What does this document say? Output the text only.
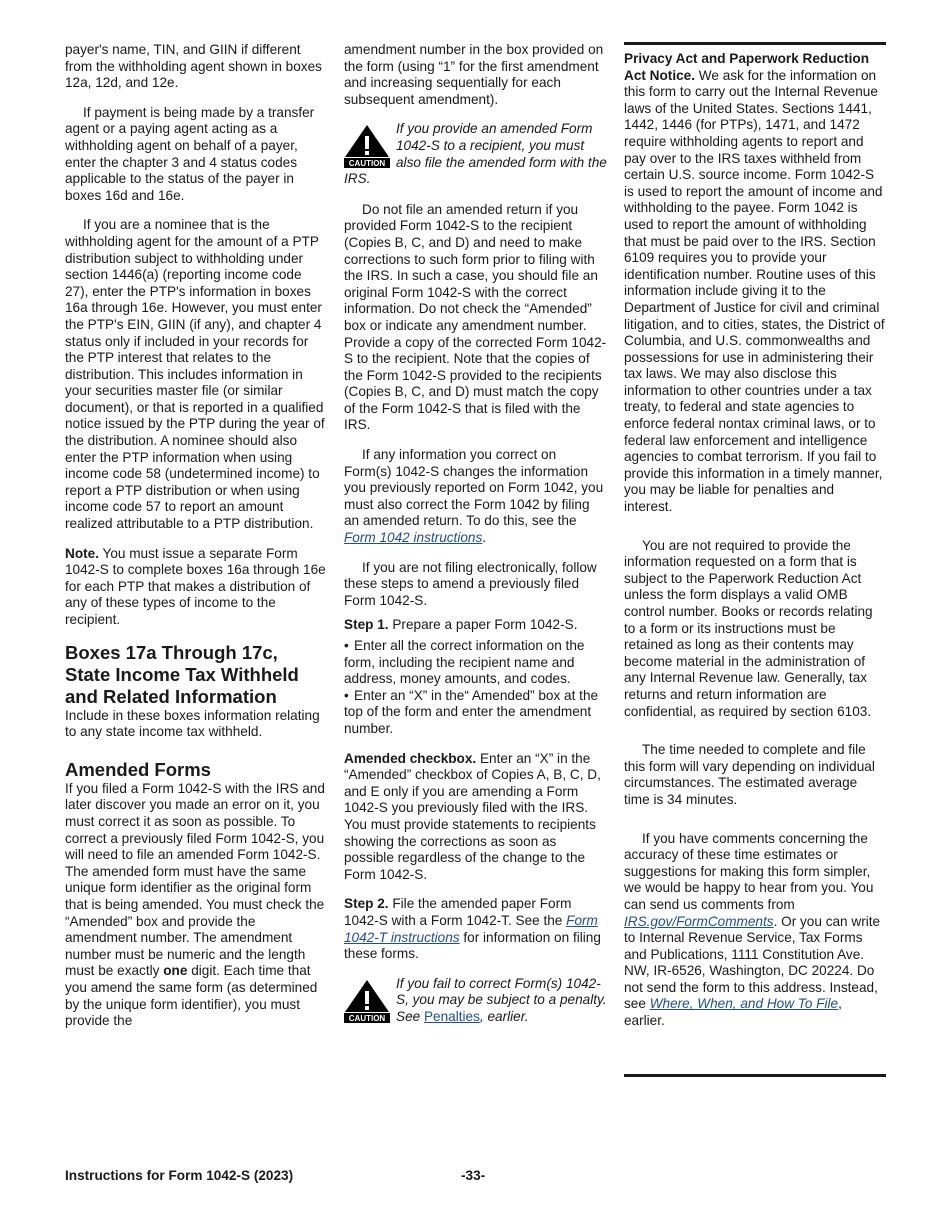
payer's name, TIN, and GIIN if different from the withholding agent shown in boxes 12a, 12d, and 12e.

If payment is being made by a transfer agent or a paying agent acting as a withholding agent on behalf of a payer, enter the chapter 3 and 4 status codes applicable to the status of the payer in boxes 16d and 16e.

If you are a nominee that is the withholding agent for the amount of a PTP distribution subject to withholding under section 1446(a) (reporting income code 27), enter the PTP's information in boxes 16a through 16e. However, you must enter the PTP's EIN, GIIN (if any), and chapter 4 status only if included in your records for the PTP interest that relates to the distribution. This includes information in your securities master file (or similar document), or that is reported in a qualified notice issued by the PTP during the year of the distribution. A nominee should also enter the PTP information when using income code 58 (undetermined income) to report a PTP distribution or when using income code 57 to report an amount realized attributable to a PTP distribution.

Note. You must issue a separate Form 1042-S to complete boxes 16a through 16e for each PTP that makes a distribution of any of these types of income to the recipient.

Boxes 17a Through 17c, State Income Tax Withheld and Related Information

Include in these boxes information relating to any state income tax withheld.

Amended Forms

If you filed a Form 1042-S with the IRS and later discover you made an error on it, you must correct it as soon as possible. To correct a previously filed Form 1042-S, you will need to file an amended Form 1042-S. The amended form must have the same unique form identifier as the original form that is being amended. You must check the “Amended” box and provide the amendment number. The amendment number must be numeric and the length must be exactly one digit. Each time that you amend the same form (as determined by the unique form identifier), you must provide the

amendment number in the box provided on the form (using “1” for the first amendment and increasing sequentially for each subsequent amendment).

CAUTION
If you provide an amended Form 1042-S to a recipient, you must also file the amended form with the IRS.

Do not file an amended return if you provided Form 1042-S to the recipient (Copies B, C, and D) and need to make corrections to such form prior to filing with the IRS. In such a case, you should file an original Form 1042-S with the correct information. Do not check the “Amended” box or indicate any amendment number. Provide a copy of the corrected Form 1042-S to the recipient. Note that the copies of the Form 1042-S provided to the recipients (Copies B, C, and D) must match the copy of the Form 1042-S that is filed with the IRS.

If any information you correct on Form(s) 1042-S changes the information you previously reported on Form 1042, you must also correct the Form 1042 by filing an amended return. To do this, see the Form 1042 instructions.

If you are not filing electronically, follow these steps to amend a previously filed Form 1042-S.

Step 1. Prepare a paper Form 1042-S.

• Enter all the correct information on the form, including the recipient name and address, money amounts, and codes.

• Enter an “X” in the“ Amended” box at the top of the form and enter the amendment number.

Amended checkbox. Enter an “X” in the “Amended” checkbox of Copies A, B, C, D, and E only if you are amending a Form 1042-S you previously filed with the IRS. You must provide statements to recipients showing the corrections as soon as possible regardless of the change to the Form 1042-S.

Step 2. File the amended paper Form 1042-S with a Form 1042-T. See the Form 1042-T instructions for information on filing these forms.

CAUTION
If you fail to correct Form(s) 1042-S, you may be subject to a penalty. See Penalties, earlier.

Privacy Act and Paperwork Reduction Act Notice. We ask for the information on this form to carry out the Internal Revenue laws of the United States. Sections 1441, 1442, 1446 (for PTPs), 1471, and 1472 require withholding agents to report and pay over to the IRS taxes withheld from certain U.S. source income. Form 1042-S is used to report the amount of income and withholding to the payee. Form 1042 is used to report the amount of withholding that must be paid over to the IRS. Section 6109 requires you to provide your identification number. Routine uses of this information include giving it to the Department of Justice for civil and criminal litigation, and to cities, states, the District of Columbia, and U.S. commonwealths and possessions for use in administering their tax laws. We may also disclose this information to other countries under a tax treaty, to federal and state agencies to enforce federal nontax criminal laws, or to federal law enforcement and intelligence agencies to combat terrorism. If you fail to provide this information in a timely manner, you may be liable for penalties and interest.

You are not required to provide the information requested on a form that is subject to the Paperwork Reduction Act unless the form displays a valid OMB control number. Books or records relating to a form or its instructions must be retained as long as their contents may become material in the administration of any Internal Revenue law. Generally, tax returns and return information are confidential, as required by section 6103.

The time needed to complete and file this form will vary depending on individual circumstances. The estimated average time is 34 minutes.

If you have comments concerning the accuracy of these time estimates or suggestions for making this form simpler, we would be happy to hear from you. You can send us comments from IRS.gov/FormComments. Or you can write to Internal Revenue Service, Tax Forms and Publications, 1111 Constitution Ave. NW, IR-6526, Washington, DC 20224. Do not send the form to this address. Instead, see Where, When, and How To File, earlier.

Instructions for Form 1042-S (2023)	-33-
